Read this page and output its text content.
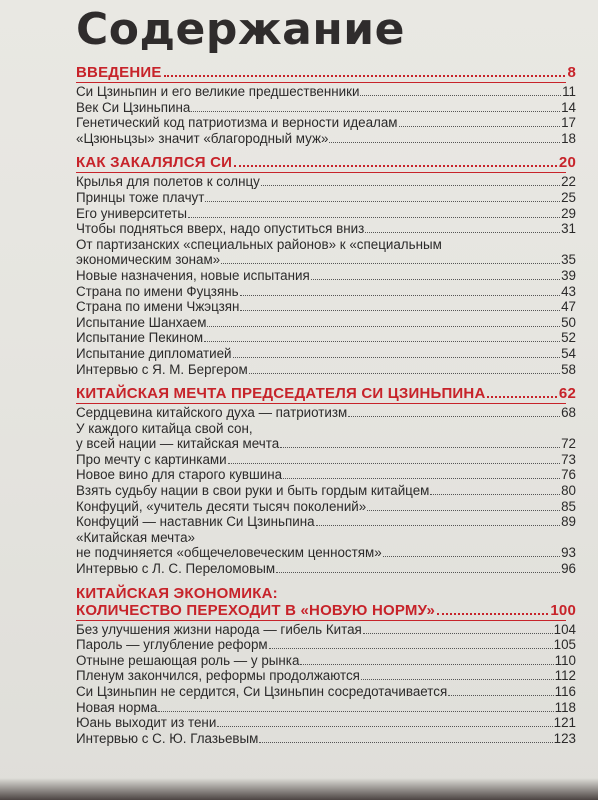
Содержание
ВВЕДЕНИЕ	8
Си Цзиньпин и его великие предшественники	11
Век Си Цзиньпина	14
Генетический код патриотизма и верности идеалам	17
«Цзюньцзы» значит «благородный муж»	18
КАК ЗАКАЛЯЛСЯ СИ	20
Крылья для полетов к солнцу	22
Принцы тоже плачут	25
Его университеты	29
Чтобы подняться вверх, надо опуститься вниз	31
От партизанских «специальных районов» к «специальным
экономическим зонам»	35
Новые назначения, новые испытания	39
Страна по имени Фуцзянь	43
Страна по имени Чжэцзян	47
Испытание Шанхаем	50
Испытание Пекином	52
Испытание дипломатией	54
Интервью с Я. М. Бергером	58
КИТАЙСКАЯ МЕЧТА ПРЕДСЕДАТЕЛЯ СИ ЦЗИНЬПИНА	62
Сердцевина китайского духа — патриотизм	68
У каждого китайца свой сон,
у всей нации — китайская мечта	72
Про мечту с картинками	73
Новое вино для старого кувшина	76
Взять судьбу нации в свои руки и быть гордым китайцем	80
Конфуций, «учитель десяти тысяч поколений»	85
Конфуций — наставник Си Цзиньпина	89
«Китайская мечта»
не подчиняется «общечеловеческим ценностям»	93
Интервью с Л. С. Переломовым	96
КИТАЙСКАЯ ЭКОНОМИКА:
КОЛИЧЕСТВО ПЕРЕХОДИТ В «НОВУЮ НОРМУ»	100
Без улучшения жизни народа — гибель Китая	104
Пароль — углубление реформ	105
Отныне решающая роль — у рынка	110
Пленум закончился, реформы продолжаются	112
Си Цзиньпин не сердится, Си Цзиньпин сосредотачивается	116
Новая норма	118
Юань выходит из тени	121
Интервью с С. Ю. Глазьевым	123
